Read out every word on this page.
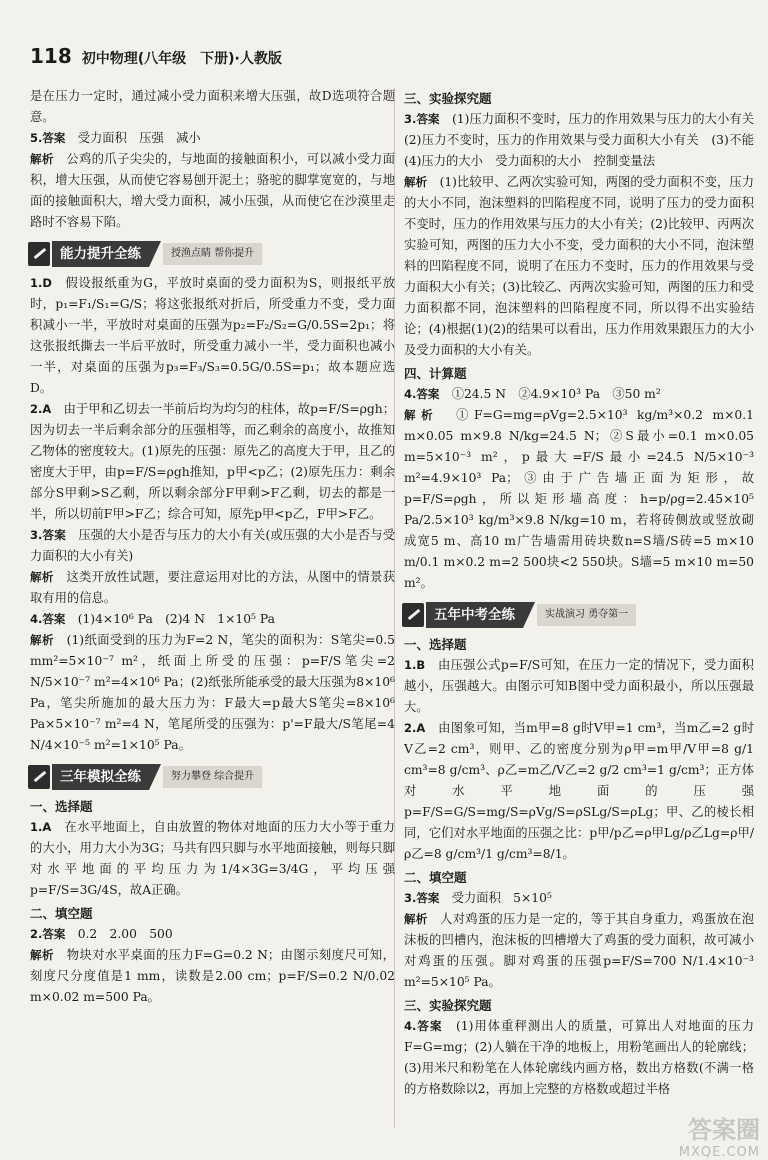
118 初中物理(八年级　下册)·人教版

是在压力一定时，通过减小受力面积来增大压强，故D选项符合题意。

5.答案　 受力面积　压强　减小

解析　 公鸡的爪子尖尖的，与地面的接触面积小，可以减小受力面积，增大压强，从而使它容易刨开泥土；骆驼的脚掌宽宽的，与地面的接触面积大，增大受力面积，减小压强，从而使它在沙漠里走路时不容易下陷。

能力提升全练	授渔点睛 帮你提升

1.D　 假设报纸重为G，平放时桌面的受力面积为S，则报纸平放时，p₁=F₁/S₁=G/S；将这张报纸对折后，所受重力不变，受力面积减小一半，平放时对桌面的压强为p₂=F₂/S₂=G/0.5S=2p₁；将这张报纸撕去一半后平放时，所受重力减小一半，受力面积也减小一半，对桌面的压强为p₃=F₃/S₃=0.5G/0.5S=p₁；故本题应选D。

2.A　 由于甲和乙切去一半前后均为均匀的柱体，故p=F/S=ρgh；因为切去一半后剩余部分的压强相等，而乙剩余的高度小，故推知乙物体的密度较大。(1)原先的压强：原先乙的高度大于甲，且乙的密度大于甲，由p=F/S=ρgh推知，p甲<p乙；(2)原先压力：剩余部分S甲剩>S乙剩，所以剩余部分F甲剩>F乙剩，切去的都是一半，所以切前F甲>F乙；综合可知，原先p甲<p乙，F甲>F乙。

3.答案　 压强的大小是否与压力的大小有关(或压强的大小是否与受力面积的大小有关)

解析　 这类开放性试题，要注意运用对比的方法，从图中的情景获取有用的信息。

4.答案　 (1)4×10⁶ Pa　(2)4 N　1×10⁵ Pa

解析　 (1)纸面受到的压力为F=2 N，笔尖的面积为：S笔尖=0.5 mm²=5×10⁻⁷ m²，纸面上所受的压强：p=F/S笔尖=2 N/5×10⁻⁷ m²=4×10⁶ Pa；(2)纸张所能承受的最大压强为8×10⁶ Pa，笔尖所施加的最大压力为：F最大=p最大S笔尖=8×10⁶ Pa×5×10⁻⁷ m²=4 N，笔尾所受的压强为：p'=F最大/S笔尾=4 N/4×10⁻⁵ m²=1×10⁵ Pa。

三年模拟全练	努力攀登 综合提升

一、选择题

1.A　 在水平地面上，自由放置的物体对地面的压力大小等于重力的大小，用力大小为3G；马共有四只脚与水平地面接触，则每只脚对水平地面的平均压力为1/4×3G=3/4G，平均压强p=F/S=3G/4S，故A正确。

二、填空题

2.答案　 0.2　2.00　500

解析　 物块对水平桌面的压力F=G=0.2 N；由图示刻度尺可知，刻度尺分度值是1 mm，读数是2.00 cm；p=F/S=0.2 N/0.02 m×0.02 m=500 Pa。

三、实验探究题

3.答案　 (1)压力面积不变时，压力的作用效果与压力的大小有关　(2)压力不变时，压力的作用效果与受力面积大小有关　(3)不能　(4)压力的大小　受力面积的大小　控制变量法

解析　 (1)比较甲、乙两次实验可知，两图的受力面积不变，压力的大小不同，泡沫塑料的凹陷程度不同，说明了压力的受力面积不变时，压力的作用效果与压力的大小有关；(2)比较甲、丙两次实验可知，两图的压力大小不变，受力面积的大小不同，泡沫塑料的凹陷程度不同，说明了在压力不变时，压力的作用效果与受力面积大小有关；(3)比较乙、丙两次实验可知，两图的压力和受力面积都不同，泡沫塑料的凹陷程度不同，所以得不出实验结论；(4)根据(1)(2)的结果可以看出，压力作用效果跟压力的大小及受力面积的大小有关。

四、计算题

4.答案　 ①24.5 N　②4.9×10³ Pa　③50 m²

解析　 ①F=G=mg=ρVg=2.5×10³ kg/m³×0.2 m×0.1 m×0.05 m×9.8 N/kg=24.5 N；②S最小=0.1 m×0.05 m=5×10⁻³ m²，p最大=F/S最小=24.5 N/5×10⁻³ m²=4.9×10³ Pa；③由于广告墙正面为矩形，故p=F/S=ρgh，所以矩形墙高度：h=p/ρg=2.45×10⁵ Pa/2.5×10³ kg/m³×9.8 N/kg=10 m，若将砖侧放或竖放砌成宽5 m、高10 m广告墙需用砖块数n=S墙/S砖=5 m×10 m/0.1 m×0.2 m=2 500块<2 550块。S墙=5 m×10 m=50 m²。

五年中考全练	实战演习 勇夺第一

一、选择题

1.B　 由压强公式p=F/S可知，在压力一定的情况下，受力面积越小，压强越大。由图示可知B图中受力面积最小，所以压强最大。

2.A　 由图象可知，当m甲=8 g时V甲=1 cm³，当m乙=2 g时V乙=2 cm³，则甲、乙的密度分别为ρ甲=m甲/V甲=8 g/1 cm³=8 g/cm³、ρ乙=m乙/V乙=2 g/2 cm³=1 g/cm³；正方体对水平地面的压强p=F/S=G/S=mg/S=ρVg/S=ρSLg/S=ρLg；甲、乙的棱长相同，它们对水平地面的压强之比：p甲/p乙=ρ甲Lg/ρ乙Lg=ρ甲/ρ乙=8 g/cm³/1 g/cm³=8/1。

二、填空题

3.答案　 受力面积　5×10⁵

解析　 人对鸡蛋的压力是一定的，等于其自身重力，鸡蛋放在泡沫板的凹槽内，泡沫板的凹槽增大了鸡蛋的受力面积，故可减小对鸡蛋的压强。脚对鸡蛋的压强p=F/S=700 N/1.4×10⁻³ m²=5×10⁵ Pa。

三、实验探究题

4.答案　 (1)用体重秤测出人的质量，可算出人对地面的压力F=G=mg；(2)人躺在干净的地板上，用粉笔画出人的轮廓线；(3)用米尺和粉笔在人体轮廓线内画方格，数出方格数(不满一格的方格数除以2，再加上完整的方格数或超过半格

答案圈
MXQE.COM
